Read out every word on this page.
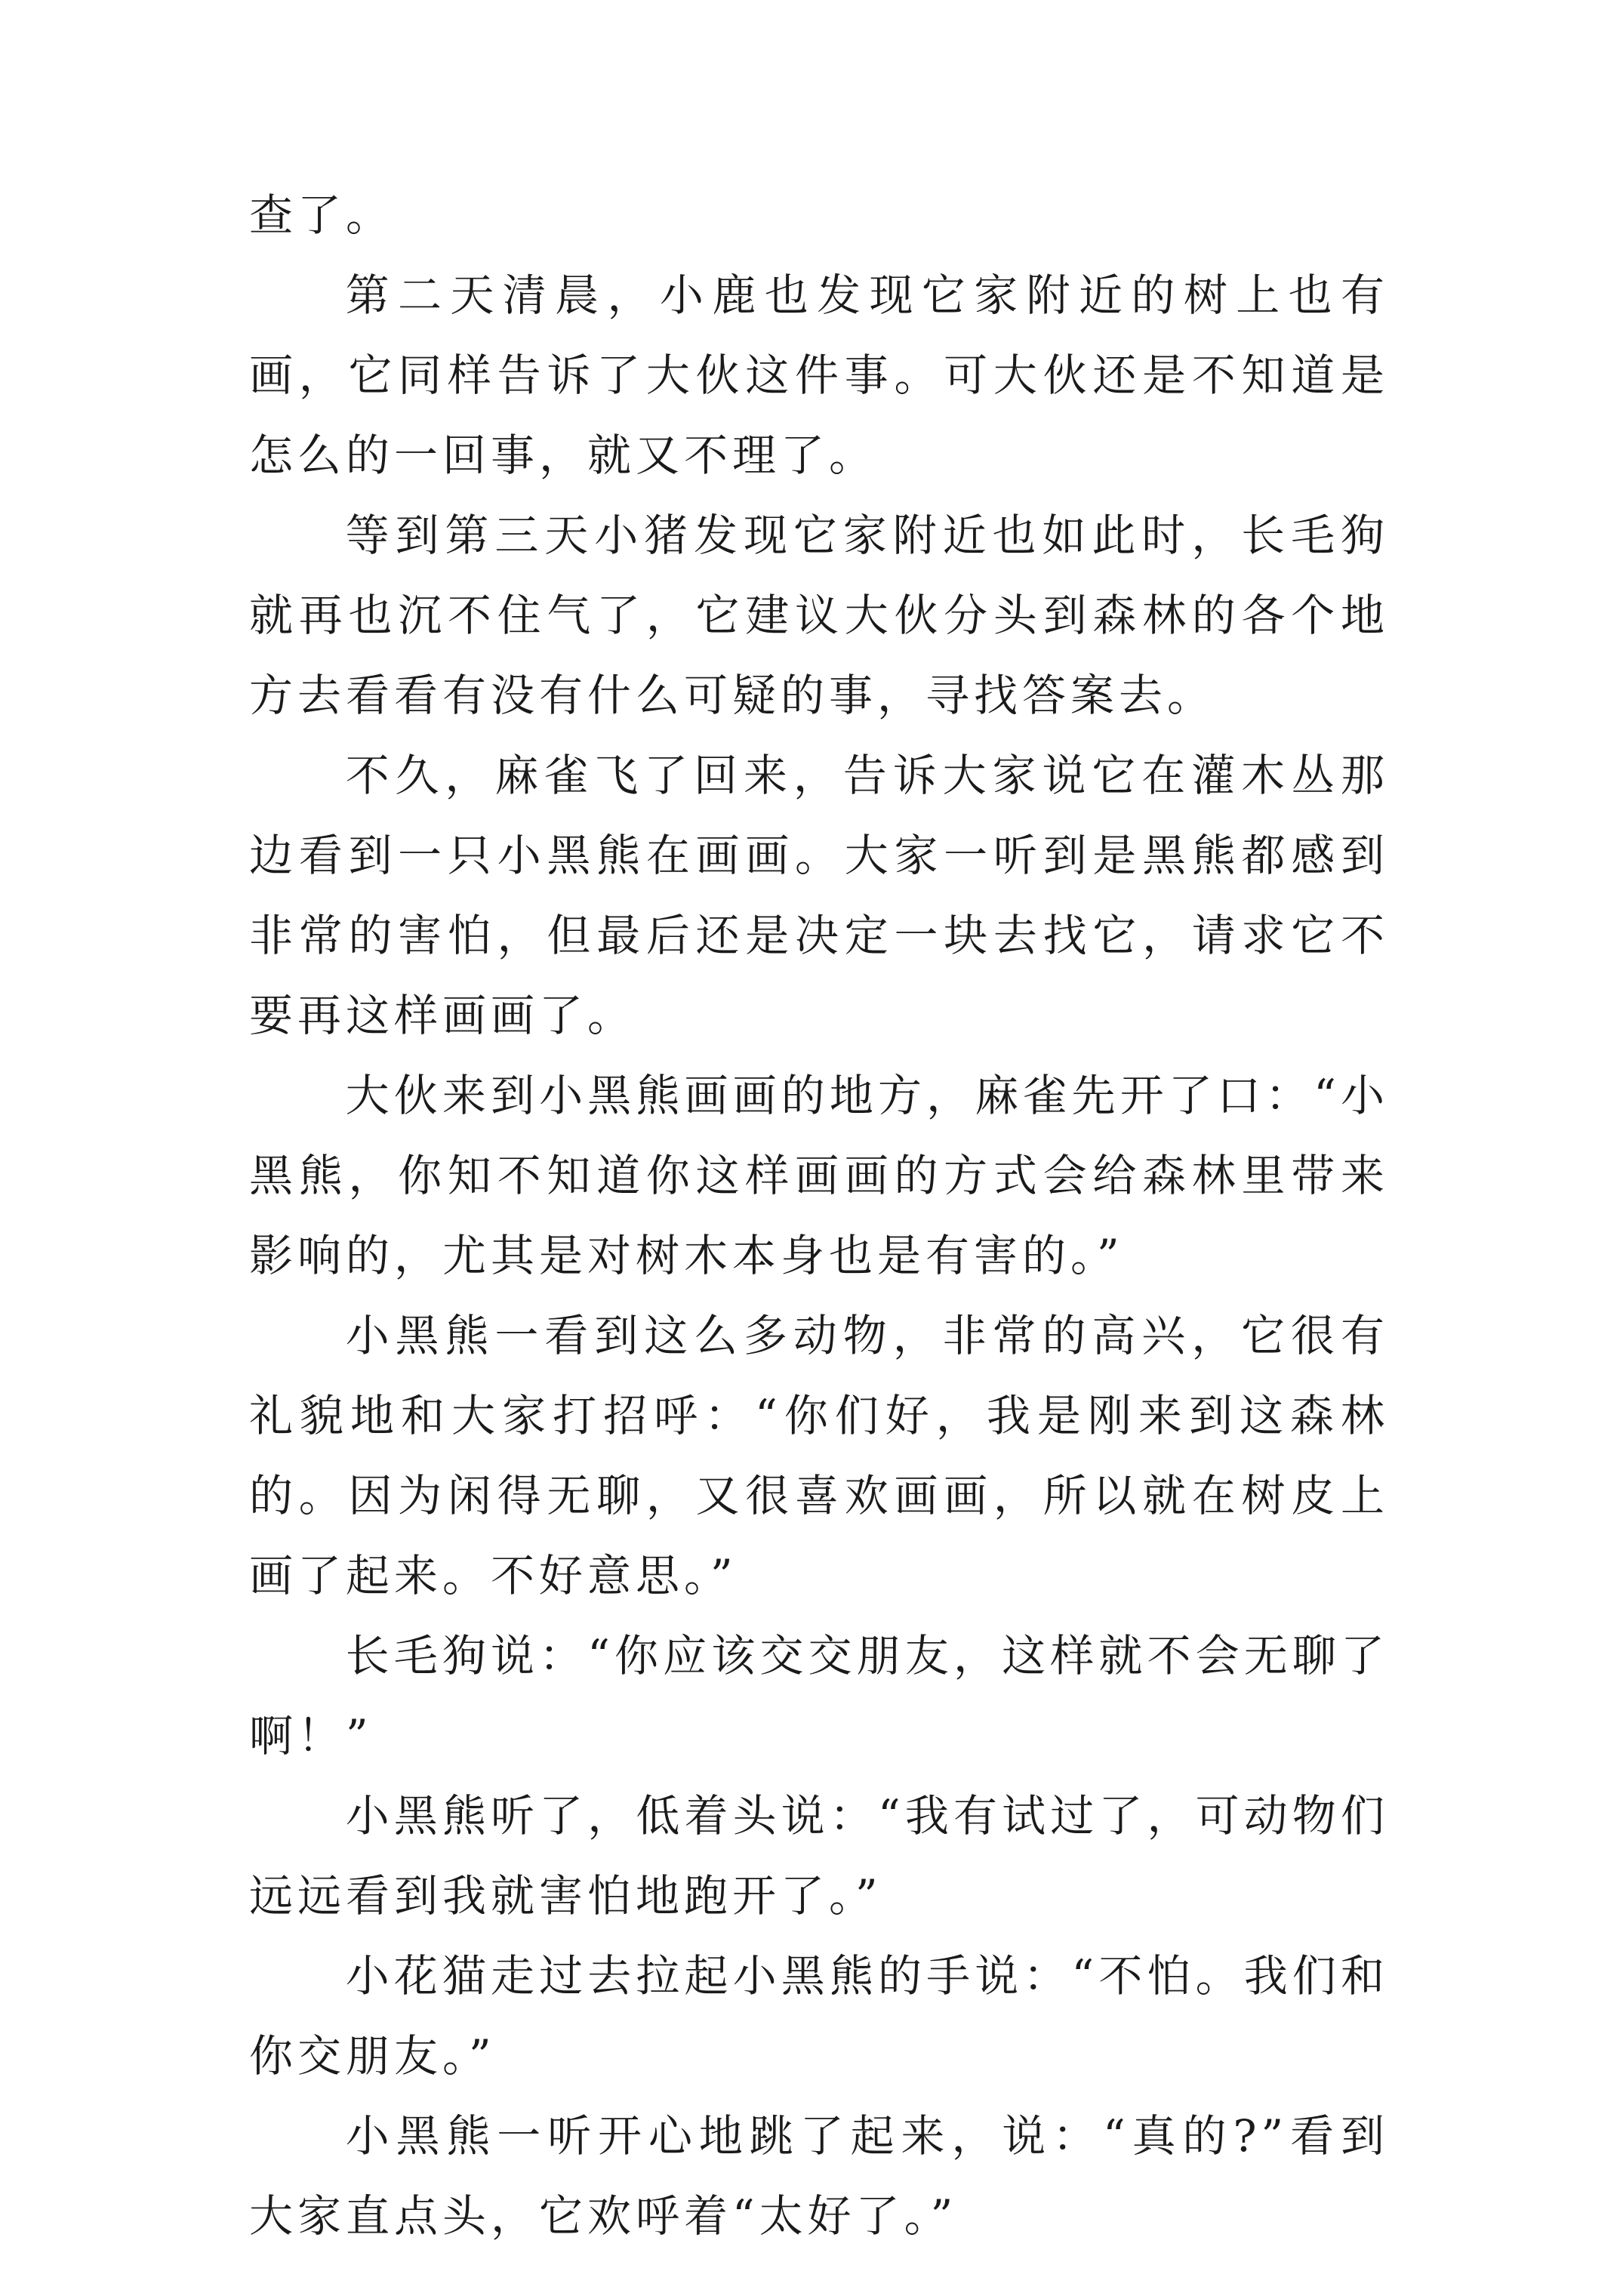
查了。

第二天清晨，小鹿也发现它家附近的树上也有画，它同样告诉了大伙这件事。可大伙还是不知道是怎么的一回事，就又不理了。

等到第三天小猪发现它家附近也如此时，长毛狗就再也沉不住气了，它建议大伙分头到森林的各个地方去看看有没有什么可疑的事，寻找答案去。

不久，麻雀飞了回来，告诉大家说它在灌木丛那边看到一只小黑熊在画画。大家一听到是黑熊都感到非常的害怕，但最后还是决定一块去找它，请求它不要再这样画画了。

大伙来到小黑熊画画的地方，麻雀先开了口：“小黑熊，你知不知道你这样画画的方式会给森林里带来影响的，尤其是对树木本身也是有害的。”

小黑熊一看到这么多动物，非常的高兴，它很有礼貌地和大家打招呼：“你们好，我是刚来到这森林的。因为闲得无聊，又很喜欢画画，所以就在树皮上画了起来。不好意思。”

长毛狗说：“你应该交交朋友，这样就不会无聊了啊！”

小黑熊听了，低着头说：“我有试过了，可动物们远远看到我就害怕地跑开了。”

小花猫走过去拉起小黑熊的手说：“不怕。我们和你交朋友。”

小黑熊一听开心地跳了起来，说：“真的?”看到大家直点头，它欢呼着“太好了。”
